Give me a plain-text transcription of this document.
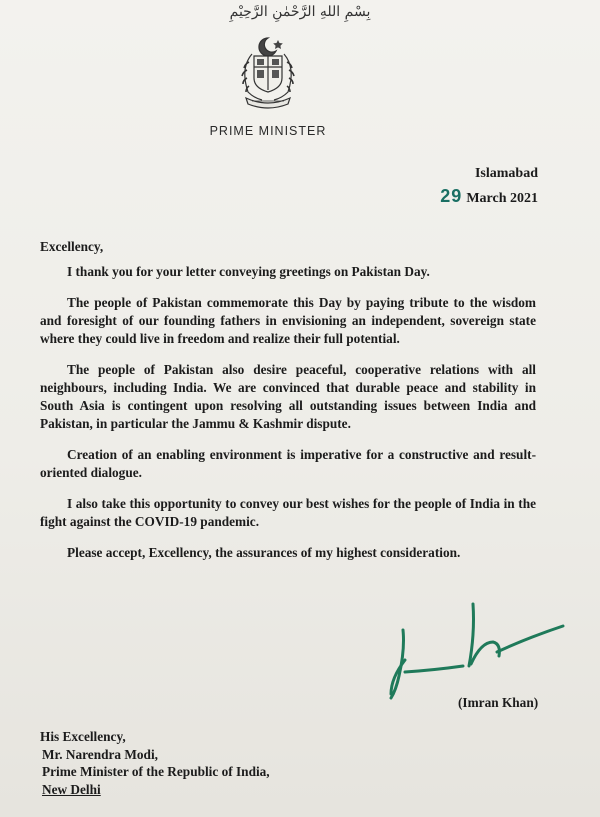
بِسْمِ اللهِ الرَّحْمٰنِ الرَّحِيْمِ
PRIME MINISTER
Islamabad
29 March 2021

Excellency,

I thank you for your letter conveying greetings on Pakistan Day.

The people of Pakistan commemorate this Day by paying tribute to the wisdom and foresight of our founding fathers in envisioning an independent, sovereign state where they could live in freedom and realize their full potential.

The people of Pakistan also desire peaceful, cooperative relations with all neighbours, including India. We are convinced that durable peace and stability in South Asia is contingent upon resolving all outstanding issues between India and Pakistan, in particular the Jammu & Kashmir dispute.

Creation of an enabling environment is imperative for a constructive and result-oriented dialogue.

I also take this opportunity to convey our best wishes for the people of India in the fight against the COVID-19 pandemic.

Please accept, Excellency, the assurances of my highest consideration.

(Imran Khan)
His Excellency,
Mr. Narendra Modi,
Prime Minister of the Republic of India,
New Delhi
